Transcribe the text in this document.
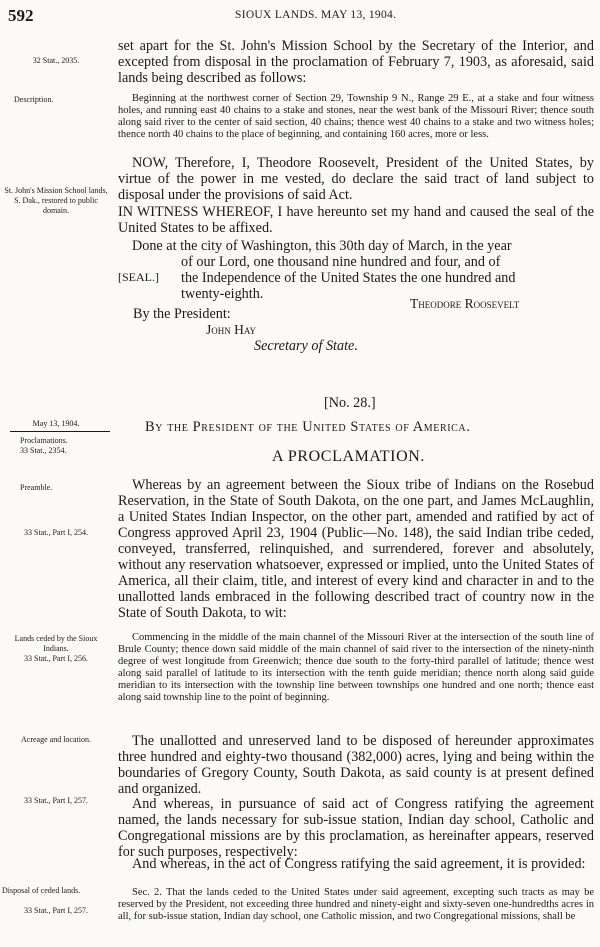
592	SIOUX LANDS. MAY 13, 1904.
32 Stat., 2035.
Description.
St. John's Mission School lands, S. Dak., restored to public domain.
May 13, 1904.
Proclamations.
33 Stat., 2354.
Preamble.
33 Stat., Part I, 254.
Lands ceded by the Sioux Indians.
33 Stat., Part I, 256.
Acreage and location.
33 Stat., Part I, 257.
Disposal of ceded lands.
33 Stat., Part I, 257.
set apart for the St. John's Mission School by the Secretary of the Interior, and excepted from disposal in the proclamation of February 7, 1903, as aforesaid, said lands being described as follows:
Beginning at the northwest corner of Section 29, Township 9 N., Range 29 E., at a stake and four witness holes, and running east 40 chains to a stake and stones, near the west bank of the Missouri River; thence south along said river to the center of said section, 40 chains; thence west 40 chains to a stake and two witness holes; thence north 40 chains to the place of beginning, and containing 160 acres, more or less.
NOW, Therefore, I, Theodore Roosevelt, President of the United States, by virtue of the power in me vested, do declare the said tract of land subject to disposal under the provisions of said Act.
IN WITNESS WHEREOF, I have hereunto set my hand and caused the seal of the United States to be affixed.
Done at the city of Washington, this 30th day of March, in the year
of our Lord, one thousand nine hundred and four, and of
[SEAL.] the Independence of the United States the one hundred and
twenty-eighth.
Theodore Roosevelt
By the President:
John Hay
Secretary of State.
[No. 28.]
By the President of the United States of America.
A PROCLAMATION.
Whereas by an agreement between the Sioux tribe of Indians on the Rosebud Reservation, in the State of South Dakota, on the one part, and James McLaughlin, a United States Indian Inspector, on the other part, amended and ratified by act of Congress approved April 23, 1904 (Public—No. 148), the said Indian tribe ceded, conveyed, transferred, relinquished, and surrendered, forever and absolutely, without any reservation whatsoever, expressed or implied, unto the United States of America, all their claim, title, and interest of every kind and character in and to the unallotted lands embraced in the following described tract of country now in the State of South Dakota, to wit:
Commencing in the middle of the main channel of the Missouri River at the intersection of the south line of Brule County; thence down said middle of the main channel of said river to the intersection of the ninety-ninth degree of west longitude from Greenwich; thence due south to the forty-third parallel of latitude; thence west along said parallel of latitude to its intersection with the tenth guide meridian; thence north along said guide meridian to its intersection with the township line between townships one hundred and one north; thence east along said township line to the point of beginning.
The unallotted and unreserved land to be disposed of hereunder approximates three hundred and eighty-two thousand (382,000) acres, lying and being within the boundaries of Gregory County, South Dakota, as said county is at present defined and organized.
And whereas, in pursuance of said act of Congress ratifying the agreement named, the lands necessary for sub-issue station, Indian day school, Catholic and Congregational missions are by this proclamation, as hereinafter appears, reserved for such purposes, respectively:
And whereas, in the act of Congress ratifying the said agreement, it is provided:
Sec. 2. That the lands ceded to the United States under said agreement, excepting such tracts as may be reserved by the President, not exceeding three hundred and ninety-eight and sixty-seven one-hundredths acres in all, for sub-issue station, Indian day school, one Catholic mission, and two Congregational missions, shall be
